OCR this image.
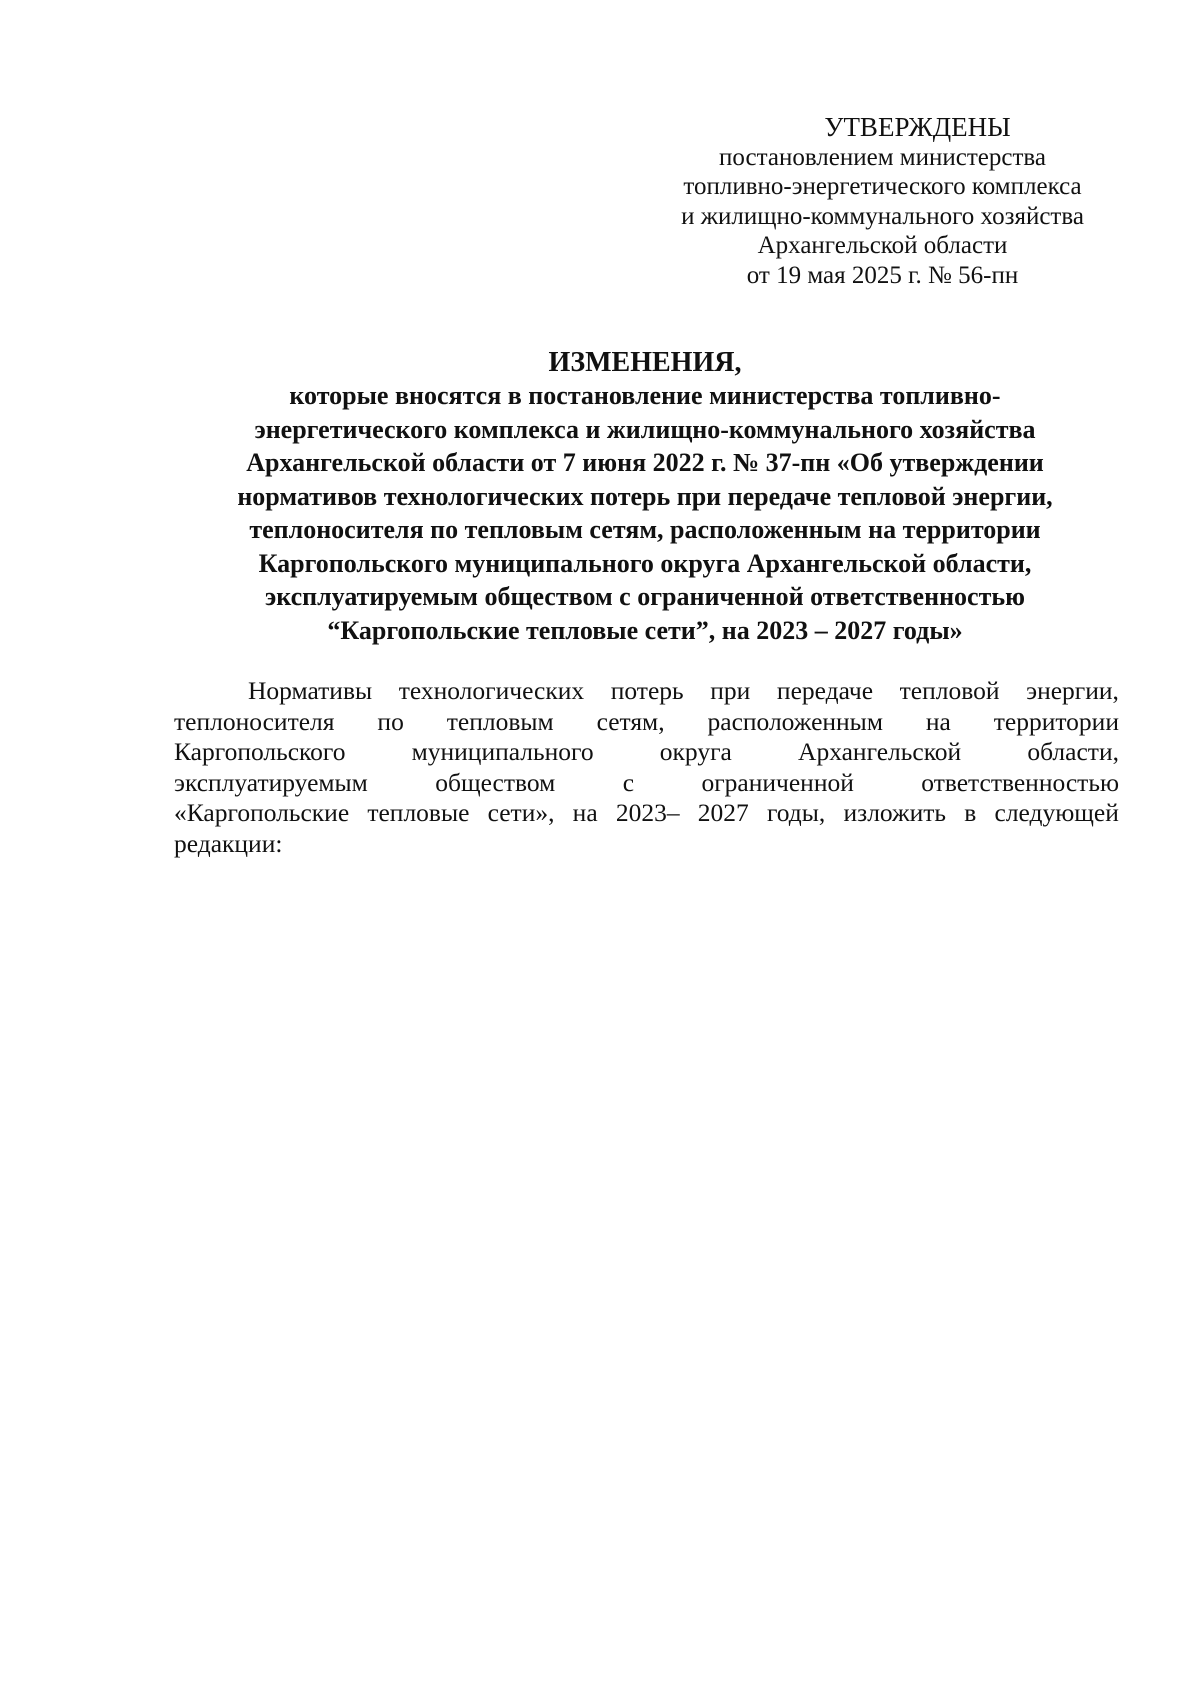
УТВЕРЖДЕНЫ
постановлением министерства
топливно-энергетического комплекса
и жилищно-коммунального хозяйства
Архангельской области
от 19 мая 2025 г. № 56-пн
ИЗМЕНЕНИЯ,
которые вносятся в постановление министерства топливно-
энергетического комплекса и жилищно-коммунального хозяйства
Архангельской области от 7 июня 2022 г. № 37-пн «Об утверждении
нормативов технологических потерь при передаче тепловой энергии,
теплоносителя по тепловым сетям, расположенным на территории
Каргопольского муниципального округа Архангельской области,
эксплуатируемым обществом с ограниченной ответственностью
“Каргопольские тепловые сети”, на 2023 – 2027 годы»
Нормативы технологических потерь при передаче тепловой энергии,
теплоносителя по тепловым сетям, расположенным на территории
Каргопольского	муниципального	округа	Архангельской	области,
эксплуатируемым	обществом	с	ограниченной	ответственностью
«Каргопольские тепловые сети», на 2023– 2027 годы, изложить в следующей
редакции:
